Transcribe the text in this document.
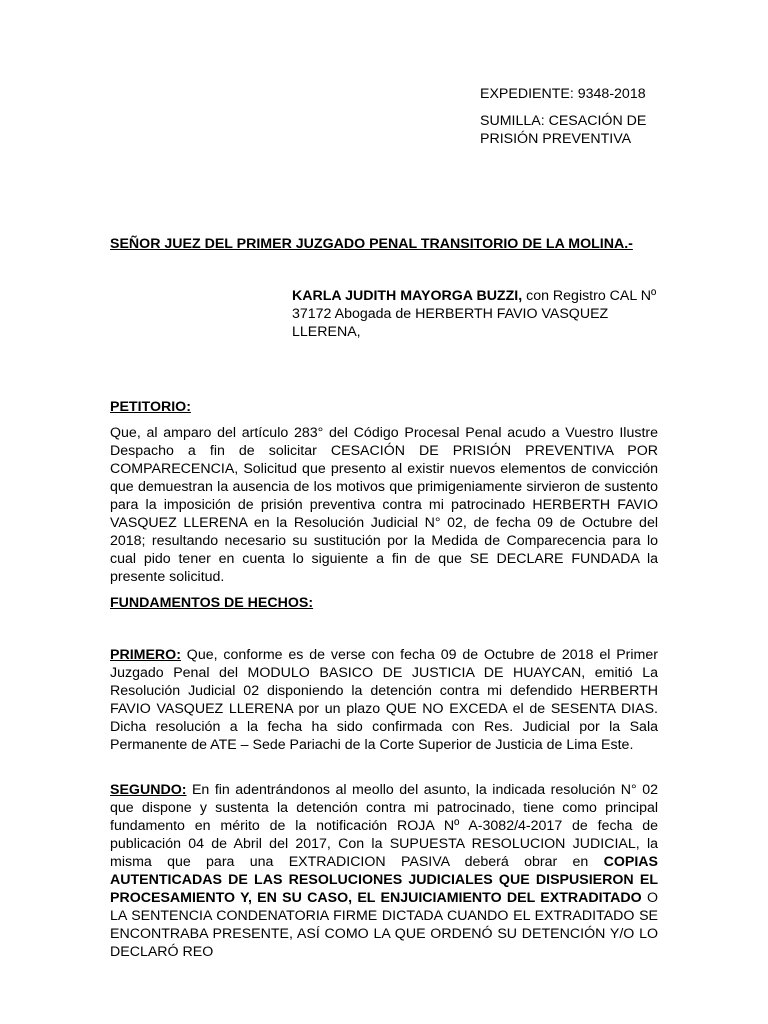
EXPEDIENTE: 9348-2018

SUMILLA: CESACIÓN DE

PRISIÓN PREVENTIVA

SEÑOR JUEZ DEL PRIMER JUZGADO PENAL TRANSITORIO DE LA MOLINA.-
KARLA JUDITH MAYORGA BUZZI, con Registro CAL Nº 37172 Abogada de HERBERTH FAVIO VASQUEZ LLERENA,
PETITORIO:

Que, al amparo del artículo 283° del Código Procesal Penal acudo a Vuestro Ilustre Despacho a fin de solicitar CESACIÓN DE PRISIÓN PREVENTIVA POR COMPARECENCIA, Solicitud que presento al existir nuevos elementos de convicción que demuestran la ausencia de los motivos que primigeniamente sirvieron de sustento para la imposición de prisión preventiva contra mi patrocinado HERBERTH FAVIO VASQUEZ LLERENA en la Resolución Judicial N° 02, de fecha 09 de Octubre del 2018; resultando necesario su sustitución por la Medida de Comparecencia para lo cual pido tener en cuenta lo siguiente a fin de que SE DECLARE FUNDADA la presente solicitud.

FUNDAMENTOS DE HECHOS:

PRIMERO: Que, conforme es de verse con fecha 09 de Octubre de 2018 el Primer Juzgado Penal del MODULO BASICO DE JUSTICIA DE HUAYCAN, emitió La Resolución Judicial 02 disponiendo la detención contra mi defendido HERBERTH FAVIO VASQUEZ LLERENA por un plazo QUE NO EXCEDA el de SESENTA DIAS. Dicha resolución a la fecha ha sido confirmada con Res. Judicial por la Sala Permanente de ATE – Sede Pariachi de la Corte Superior de Justicia de Lima Este.

SEGUNDO: En fin adentrándonos al meollo del asunto, la indicada resolución N° 02 que dispone y sustenta la detención contra mi patrocinado, tiene como principal fundamento en mérito de la notificación ROJA Nº A-3082/4-2017 de fecha de publicación 04 de Abril del 2017, Con la SUPUESTA RESOLUCION JUDICIAL, la misma que para una EXTRADICION PASIVA deberá obrar en COPIAS AUTENTICADAS DE LAS RESOLUCIONES JUDICIALES QUE DISPUSIERON EL PROCESAMIENTO Y, EN SU CASO, EL ENJUICIAMIENTO DEL EXTRADITADO O LA SENTENCIA CONDENATORIA FIRME DICTADA CUANDO EL EXTRADITADO SE ENCONTRABA PRESENTE, ASÍ COMO LA QUE ORDENÓ SU DETENCIÓN Y/O LO DECLARÓ REO
